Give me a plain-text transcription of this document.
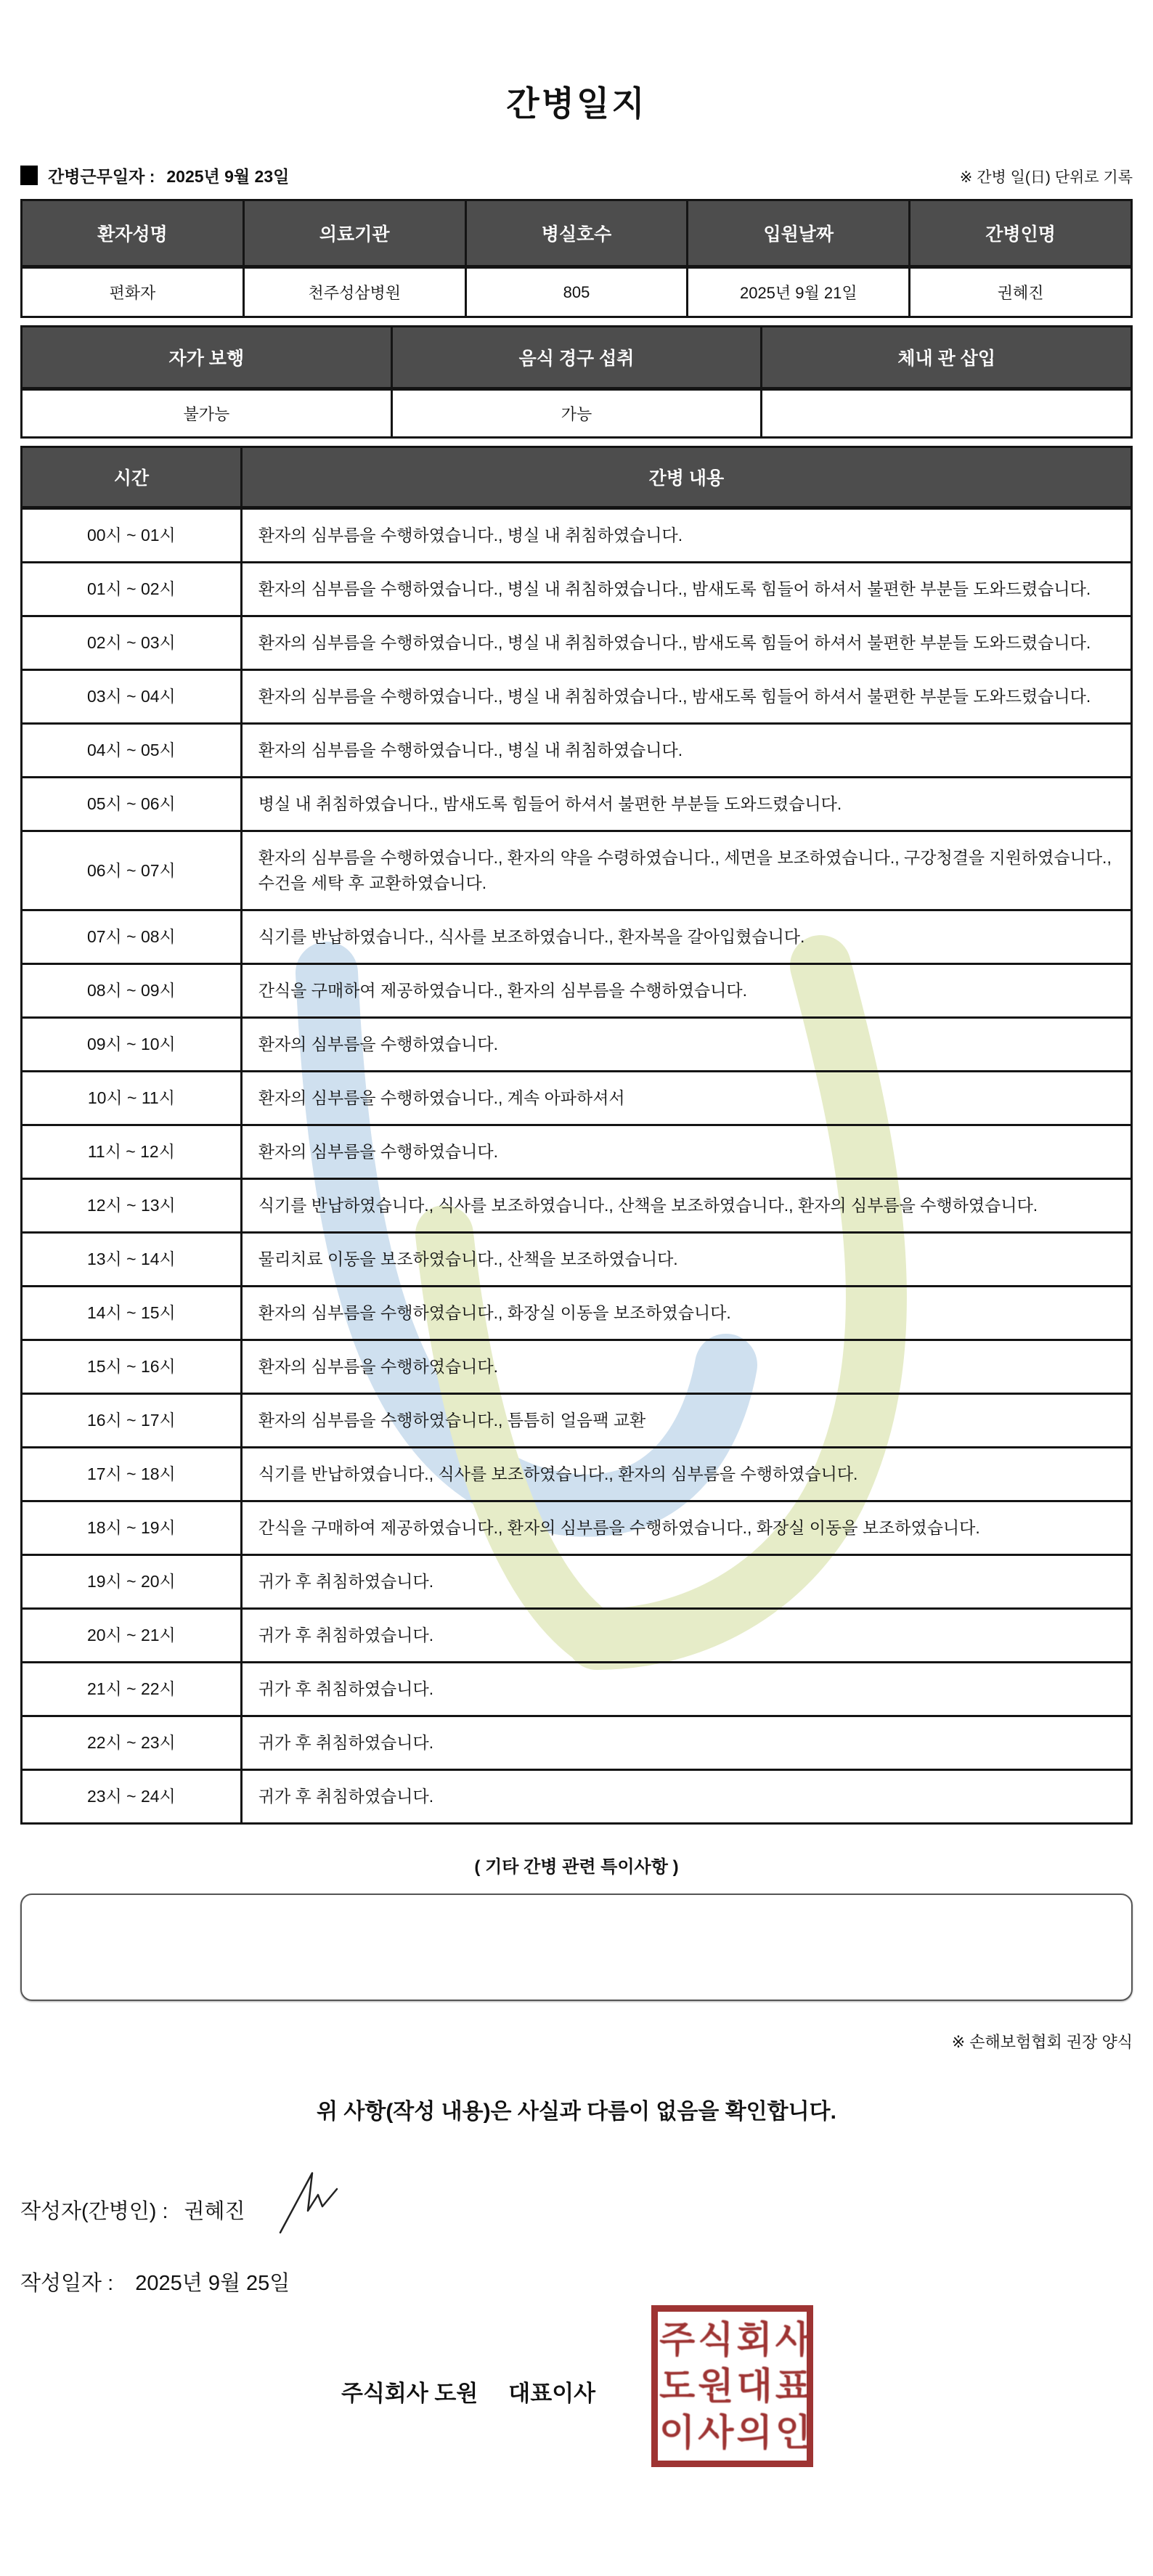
간병일지
간병근무일자 : 2025년 9월 23일	※ 간병 일(日) 단위로 기록
환자성명	의료기관	병실호수	입원날짜	간병인명
편화자	천주성삼병원	805	2025년 9월 21일	권혜진
자가 보행	음식 경구 섭취	체내 관 삽입
불가능	가능	
시간	간병 내용
00시 ~ 01시	환자의 심부름을 수행하였습니다., 병실 내 취침하였습니다.
01시 ~ 02시	환자의 심부름을 수행하였습니다., 병실 내 취침하였습니다., 밤새도록 힘들어 하셔서 불편한 부분들 도와드렸습니다.
02시 ~ 03시	환자의 심부름을 수행하였습니다., 병실 내 취침하였습니다., 밤새도록 힘들어 하셔서 불편한 부분들 도와드렸습니다.
03시 ~ 04시	환자의 심부름을 수행하였습니다., 병실 내 취침하였습니다., 밤새도록 힘들어 하셔서 불편한 부분들 도와드렸습니다.
04시 ~ 05시	환자의 심부름을 수행하였습니다., 병실 내 취침하였습니다.
05시 ~ 06시	병실 내 취침하였습니다., 밤새도록 힘들어 하셔서 불편한 부분들 도와드렸습니다.
06시 ~ 07시	환자의 심부름을 수행하였습니다., 환자의 약을 수령하였습니다., 세면을 보조하였습니다., 구강청결을 지원하였습니다., 수건을 세탁 후 교환하였습니다.
07시 ~ 08시	식기를 반납하였습니다., 식사를 보조하였습니다., 환자복을 갈아입혔습니다.
08시 ~ 09시	간식을 구매하여 제공하였습니다., 환자의 심부름을 수행하였습니다.
09시 ~ 10시	환자의 심부름을 수행하였습니다.
10시 ~ 11시	환자의 심부름을 수행하였습니다., 계속 아파하셔서
11시 ~ 12시	환자의 심부름을 수행하였습니다.
12시 ~ 13시	식기를 반납하였습니다., 식사를 보조하였습니다., 산책을 보조하였습니다., 환자의 심부름을 수행하였습니다.
13시 ~ 14시	물리치료 이동을 보조하였습니다., 산책을 보조하였습니다.
14시 ~ 15시	환자의 심부름을 수행하였습니다., 화장실 이동을 보조하였습니다.
15시 ~ 16시	환자의 심부름을 수행하였습니다.
16시 ~ 17시	환자의 심부름을 수행하였습니다., 틈틈히 얼음팩 교환
17시 ~ 18시	식기를 반납하였습니다., 식사를 보조하였습니다., 환자의 심부름을 수행하였습니다.
18시 ~ 19시	간식을 구매하여 제공하였습니다., 환자의 심부름을 수행하였습니다., 화장실 이동을 보조하였습니다.
19시 ~ 20시	귀가 후 취침하였습니다.
20시 ~ 21시	귀가 후 취침하였습니다.
21시 ~ 22시	귀가 후 취침하였습니다.
22시 ~ 23시	귀가 후 취침하였습니다.
23시 ~ 24시	귀가 후 취침하였습니다.
( 기타 간병 관련 특이사항 )
※ 손해보험협회 권장 양식
위 사항(작성 내용)은 사실과 다름이 없음을 확인합니다.
작성자(간병인) : 권혜진
작성일자 : 2025년 9월 25일
주식회사 도원 대표이사
주식회사
도원대표
이사의인
